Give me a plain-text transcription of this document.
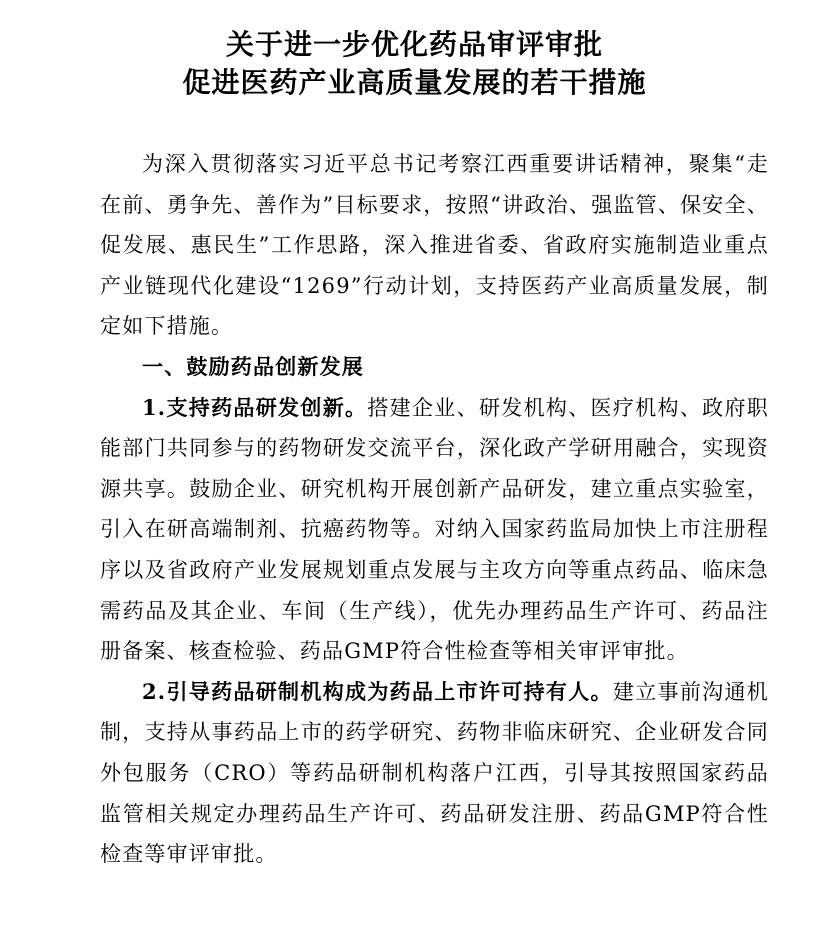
关于进一步优化药品审评审批
促进医药产业高质量发展的若干措施

为深入贯彻落实习近平总书记考察江西重要讲话精神，聚集“走在前、勇争先、善作为”目标要求，按照“讲政治、强监管、保安全、促发展、惠民生”工作思路，深入推进省委、省政府实施制造业重点产业链现代化建设“1269”行动计划，支持医药产业高质量发展，制定如下措施。

一、鼓励药品创新发展

1.支持药品研发创新。搭建企业、研发机构、医疗机构、政府职能部门共同参与的药物研发交流平台，深化政产学研用融合，实现资源共享。鼓励企业、研究机构开展创新产品研发，建立重点实验室，引入在研高端制剂、抗癌药物等。对纳入国家药监局加快上市注册程序以及省政府产业发展规划重点发展与主攻方向等重点药品、临床急需药品及其企业、车间（生产线），优先办理药品生产许可、药品注册备案、核查检验、药品GMP符合性检查等相关审评审批。

2.引导药品研制机构成为药品上市许可持有人。建立事前沟通机制，支持从事药品上市的药学研究、药物非临床研究、企业研发合同外包服务（CRO）等药品研制机构落户江西，引导其按照国家药品监管相关规定办理药品生产许可、药品研发注册、药品GMP符合性检查等审评审批。
